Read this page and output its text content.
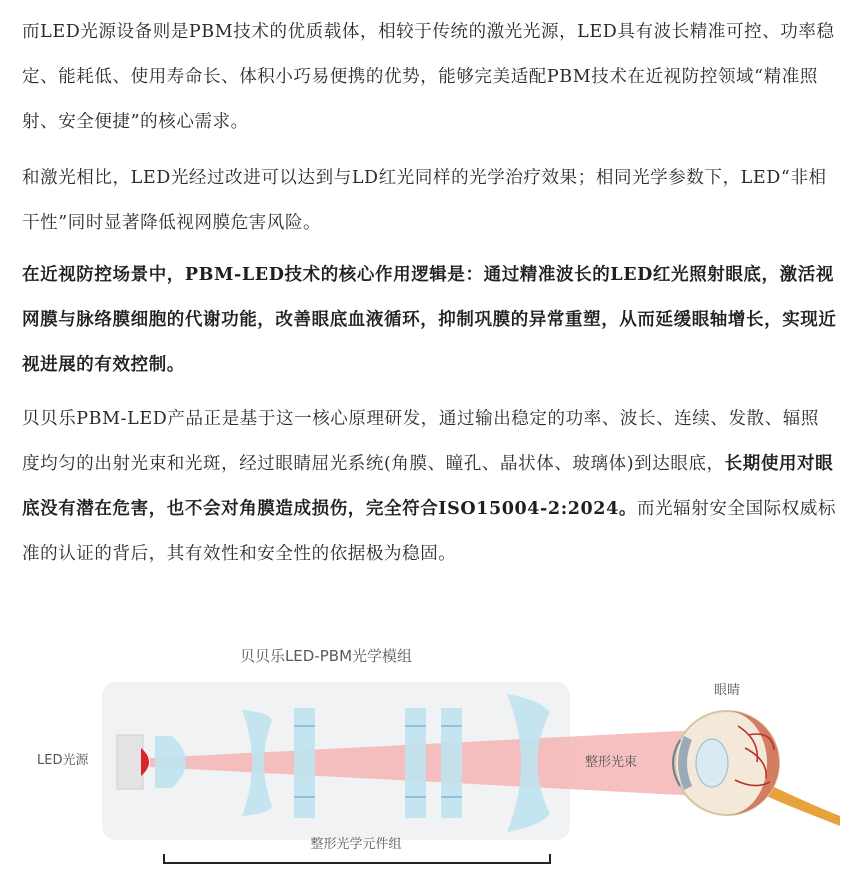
而LED光源设备则是PBM技术的优质载体，相较于传统的激光光源，LED具有波长精准可控、功率稳定、能耗低、使用寿命长、体积小巧易便携的优势，能够完美适配PBM技术在近视防控领域“精准照射、安全便捷”的核心需求。

和激光相比，LED光经过改进可以达到与LD红光同样的光学治疗效果；相同光学参数下，LED“非相干性”同时显著降低视网膜危害风险。

在近视防控场景中，PBM-LED技术的核心作用逻辑是：通过精准波长的LED红光照射眼底，激活视网膜与脉络膜细胞的代谢功能，改善眼底血液循环，抑制巩膜的异常重塑，从而延缓眼轴增长，实现近视进展的有效控制。

贝贝乐PBM-LED产品正是基于这一核心原理研发，通过输出稳定的功率、波长、连续、发散、辐照度均匀的出射光束和光斑，经过眼睛屈光系统(角膜、瞳孔、晶状体、玻璃体)到达眼底，长期使用对眼底没有潜在危害，也不会对角膜造成损伤，完全符合ISO15004-2:2024。而光辐射安全国际权威标准的认证的背后，其有效性和安全性的依据极为稳固。

贝贝乐LED-PBM光学模组
LED光源	整形光束
眼睛
整形光学元件组
